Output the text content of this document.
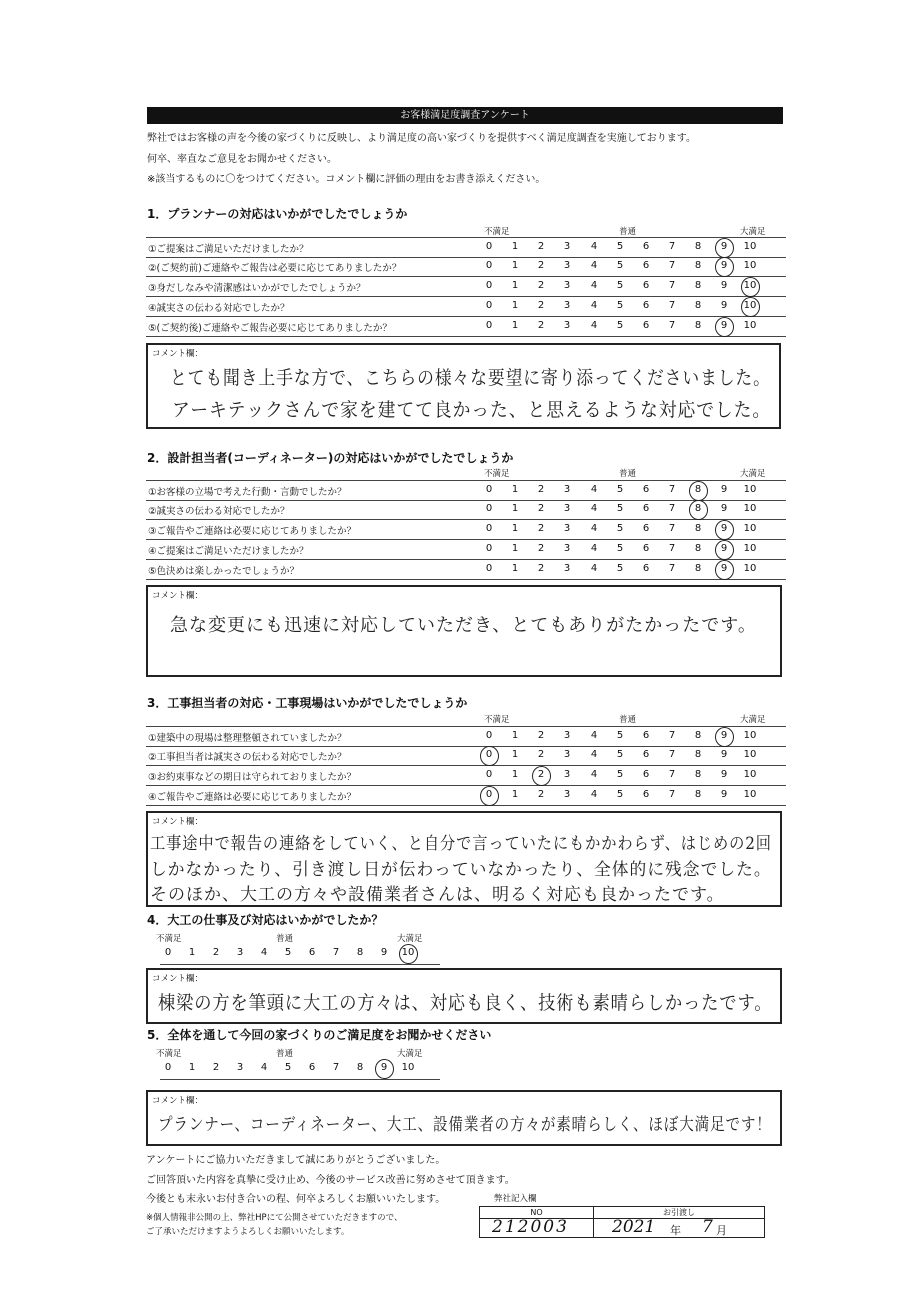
お客様満足度調査アンケート
弊社ではお客様の声を今後の家づくりに反映し、より満足度の高い家づくりを提供すべく満足度調査を実施しております。
何卒、率直なご意見をお聞かせください。
※該当するものに〇をつけてください。コメント欄に評価の理由をお書き添えください。
1．プランナーの対応はいかがでしたでしょうか
不満足	普通	大満足
①ご提案はご満足いただけましたか？	0	1	2	3	4	5	6	7	8	9	10
②(ご契約前)ご連絡やご報告は必要に応じてありましたか？	0	1	2	3	4	5	6	7	8	9	10
③身だしなみや清潔感はいかがでしたでしょうか？	0	1	2	3	4	5	6	7	8	9	10
④誠実さの伝わる対応でしたか？	0	1	2	3	4	5	6	7	8	9	10
⑤(ご契約後)ご連絡やご報告必要に応じてありましたか？	0	1	2	3	4	5	6	7	8	9	10
コメント欄：
とても聞き上手な方で、こちらの様々な要望に寄り添ってくださいました。
アーキテックさんで家を建てて良かった、と思えるような対応でした。
2．設計担当者(コーディネーター)の対応はいかがでしたでしょうか
不満足	普通	大満足
①お客様の立場で考えた行動・言動でしたか？	0	1	2	3	4	5	6	7	8	9	10
②誠実さの伝わる対応でしたか？	0	1	2	3	4	5	6	7	8	9	10
③ご報告やご連絡は必要に応じてありましたか？	0	1	2	3	4	5	6	7	8	9	10
④ご提案はご満足いただけましたか？	0	1	2	3	4	5	6	7	8	9	10
⑤色決めは楽しかったでしょうか？	0	1	2	3	4	5	6	7	8	9	10
コメント欄：
急な変更にも迅速に対応していただき、とてもありがたかったです。
3．工事担当者の対応・工事現場はいかがでしたでしょうか
不満足	普通	大満足
①建築中の現場は整理整頓されていましたか？	0	1	2	3	4	5	6	7	8	9	10
②工事担当者は誠実さの伝わる対応でしたか？	0	1	2	3	4	5	6	7	8	9	10
③お約束事などの期日は守られておりましたか？	0	1	2	3	4	5	6	7	8	9	10
④ご報告やご連絡は必要に応じてありましたか？	0	1	2	3	4	5	6	7	8	9	10
コメント欄：
工事途中で報告の連絡をしていく、と自分で言っていたにもかかわらず、はじめの2回
しかなかったり、引き渡し日が伝わっていなかったり、全体的に残念でした。
そのほか、大工の方々や設備業者さんは、明るく対応も良かったです。
4．大工の仕事及び対応はいかがでしたか？
不満足	普通	大満足
0	1	2	3	4	5	6	7	8	9	10
コメント欄：
棟梁の方を筆頭に大工の方々は、対応も良く、技術も素晴らしかったです。
5．全体を通して今回の家づくりのご満足度をお聞かせください
不満足	普通	大満足
0	1	2	3	4	5	6	7	8	9	10
コメント欄：
プランナー、コーディネーター、大工、設備業者の方々が素晴らしく、ほぼ大満足です！
アンケートにご協力いただきまして誠にありがとうございました。
ご回答頂いた内容を真摯に受け止め、今後のサービス改善に努めさせて頂きます。
今後とも末永いお付き合いの程、何卒よろしくお願いいたします。
※個人情報非公開の上、弊社HPにて公開させていただきますので、
ご了承いただけますようよろしくお願いいたします。
弊社記入欄
NO	お引渡し
212003	2021 年 7 月
